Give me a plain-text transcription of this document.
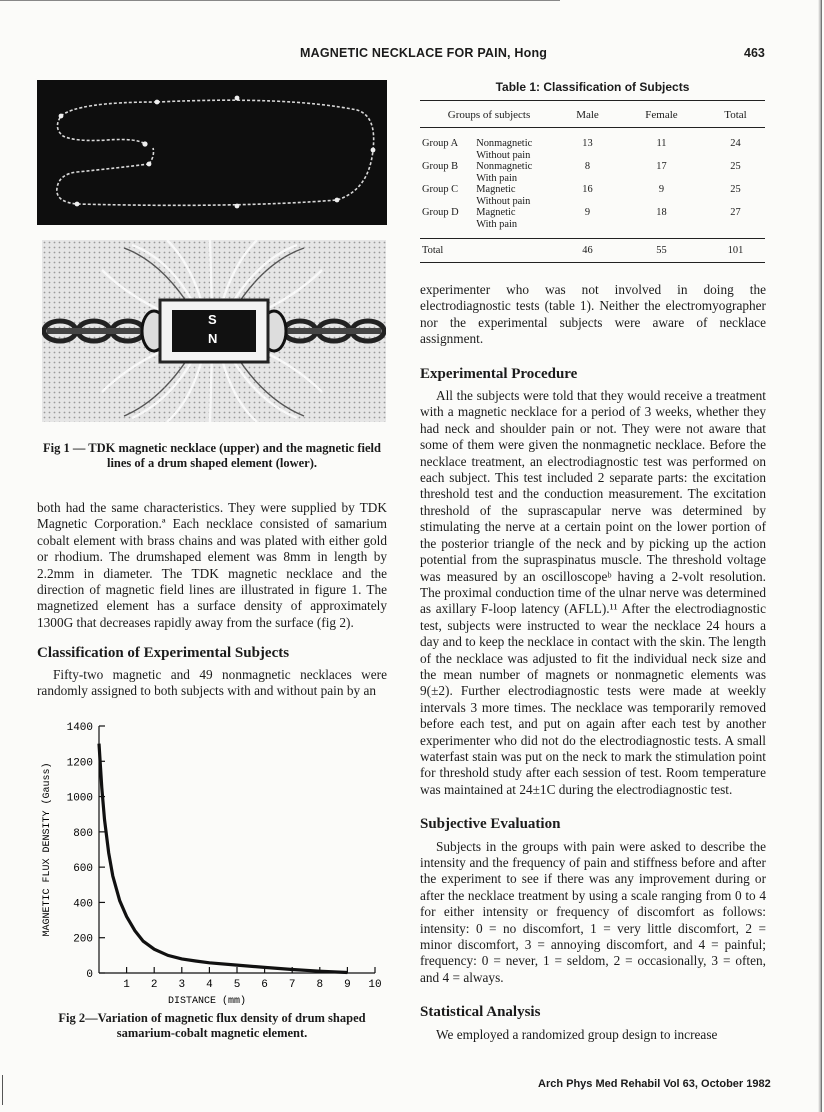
MAGNETIC NECKLACE FOR PAIN, Hong	463
S
N
Fig 1 — TDK magnetic necklace (upper) and the magnetic field lines of a drum shaped element (lower).

both had the same characteristics. They were supplied by TDK Magnetic Corporation.ª Each necklace consisted of samarium cobalt element with brass chains and was plated with either gold or rhodium. The drumshaped element was 8mm in length by 2.2mm in diameter. The TDK magnetic necklace and the direction of magnetic field lines are illustrated in figure 1. The magnetized element has a surface density of approximately 1300G that decreases rapidly away from the surface (fig 2).

Classification of Experimental Subjects

Fifty-two magnetic and 49 nonmagnetic necklaces were randomly assigned to both subjects with and without pain by an

0
200
400
600
800
1000
1200
1400
1 2 3 4 5 6 7 8 9 10
DISTANCE (mm)
MAGNETIC FLUX DENSITY (Gauss)
Fig 2—Variation of magnetic flux density of drum shaped samarium-cobalt magnetic element.
Table 1: Classification of Subjects
Groups of subjects		Male	Female	Total
Group A	Nonmagnetic
Without pain	13	11	24
Group B	Nonmagnetic
With pain	8	17	25
Group C	Magnetic
Without pain	16	9	25
Group D	Magnetic
With pain	9	18	27

Total		46	55	101

experimenter who was not involved in doing the electrodiagnostic tests (table 1). Neither the electromyographer nor the experimental subjects were aware of necklace assignment.

Experimental Procedure

All the subjects were told that they would receive a treatment with a magnetic necklace for a period of 3 weeks, whether they had neck and shoulder pain or not. They were not aware that some of them were given the nonmagnetic necklace. Before the necklace treatment, an electrodiagnostic test was performed on each subject. This test included 2 separate parts: the excitation threshold test and the conduction measurement. The excitation threshold of the suprascapular nerve was determined by stimulating the nerve at a certain point on the lower portion of the posterior triangle of the neck and by picking up the action potential from the supraspinatus muscle. The threshold voltage was measured by an oscilloscopeᵇ having a 2-volt resolution. The proximal conduction time of the ulnar nerve was determined as axillary F-loop latency (AFLL).¹¹ After the electrodiagnostic test, subjects were instructed to wear the necklace 24 hours a day and to keep the necklace in contact with the skin. The length of the necklace was adjusted to fit the individual neck size and the mean number of magnets or nonmagnetic elements was 9(±2). Further electrodiagnostic tests were made at weekly intervals 3 more times. The necklace was temporarily removed before each test, and put on again after each test by another experimenter who did not do the electrodiagnostic tests. A small waterfast stain was put on the neck to mark the stimulation point for threshold study after each session of test. Room temperature was maintained at 24±1C during the electrodiagnostic test.

Subjective Evaluation

Subjects in the groups with pain were asked to describe the intensity and the frequency of pain and stiffness before and after the experiment to see if there was any improvement during or after the necklace treatment by using a scale ranging from 0 to 4 for either intensity or frequency of discomfort as follows: intensity: 0 = no discomfort, 1 = very little discomfort, 2 = minor discomfort, 3 = annoying discomfort, and 4 = painful; frequency: 0 = never, 1 = seldom, 2 = occasionally, 3 = often, and 4 = always.

Statistical Analysis

We employed a randomized group design to increase

Arch Phys Med Rehabil Vol 63, October 1982
